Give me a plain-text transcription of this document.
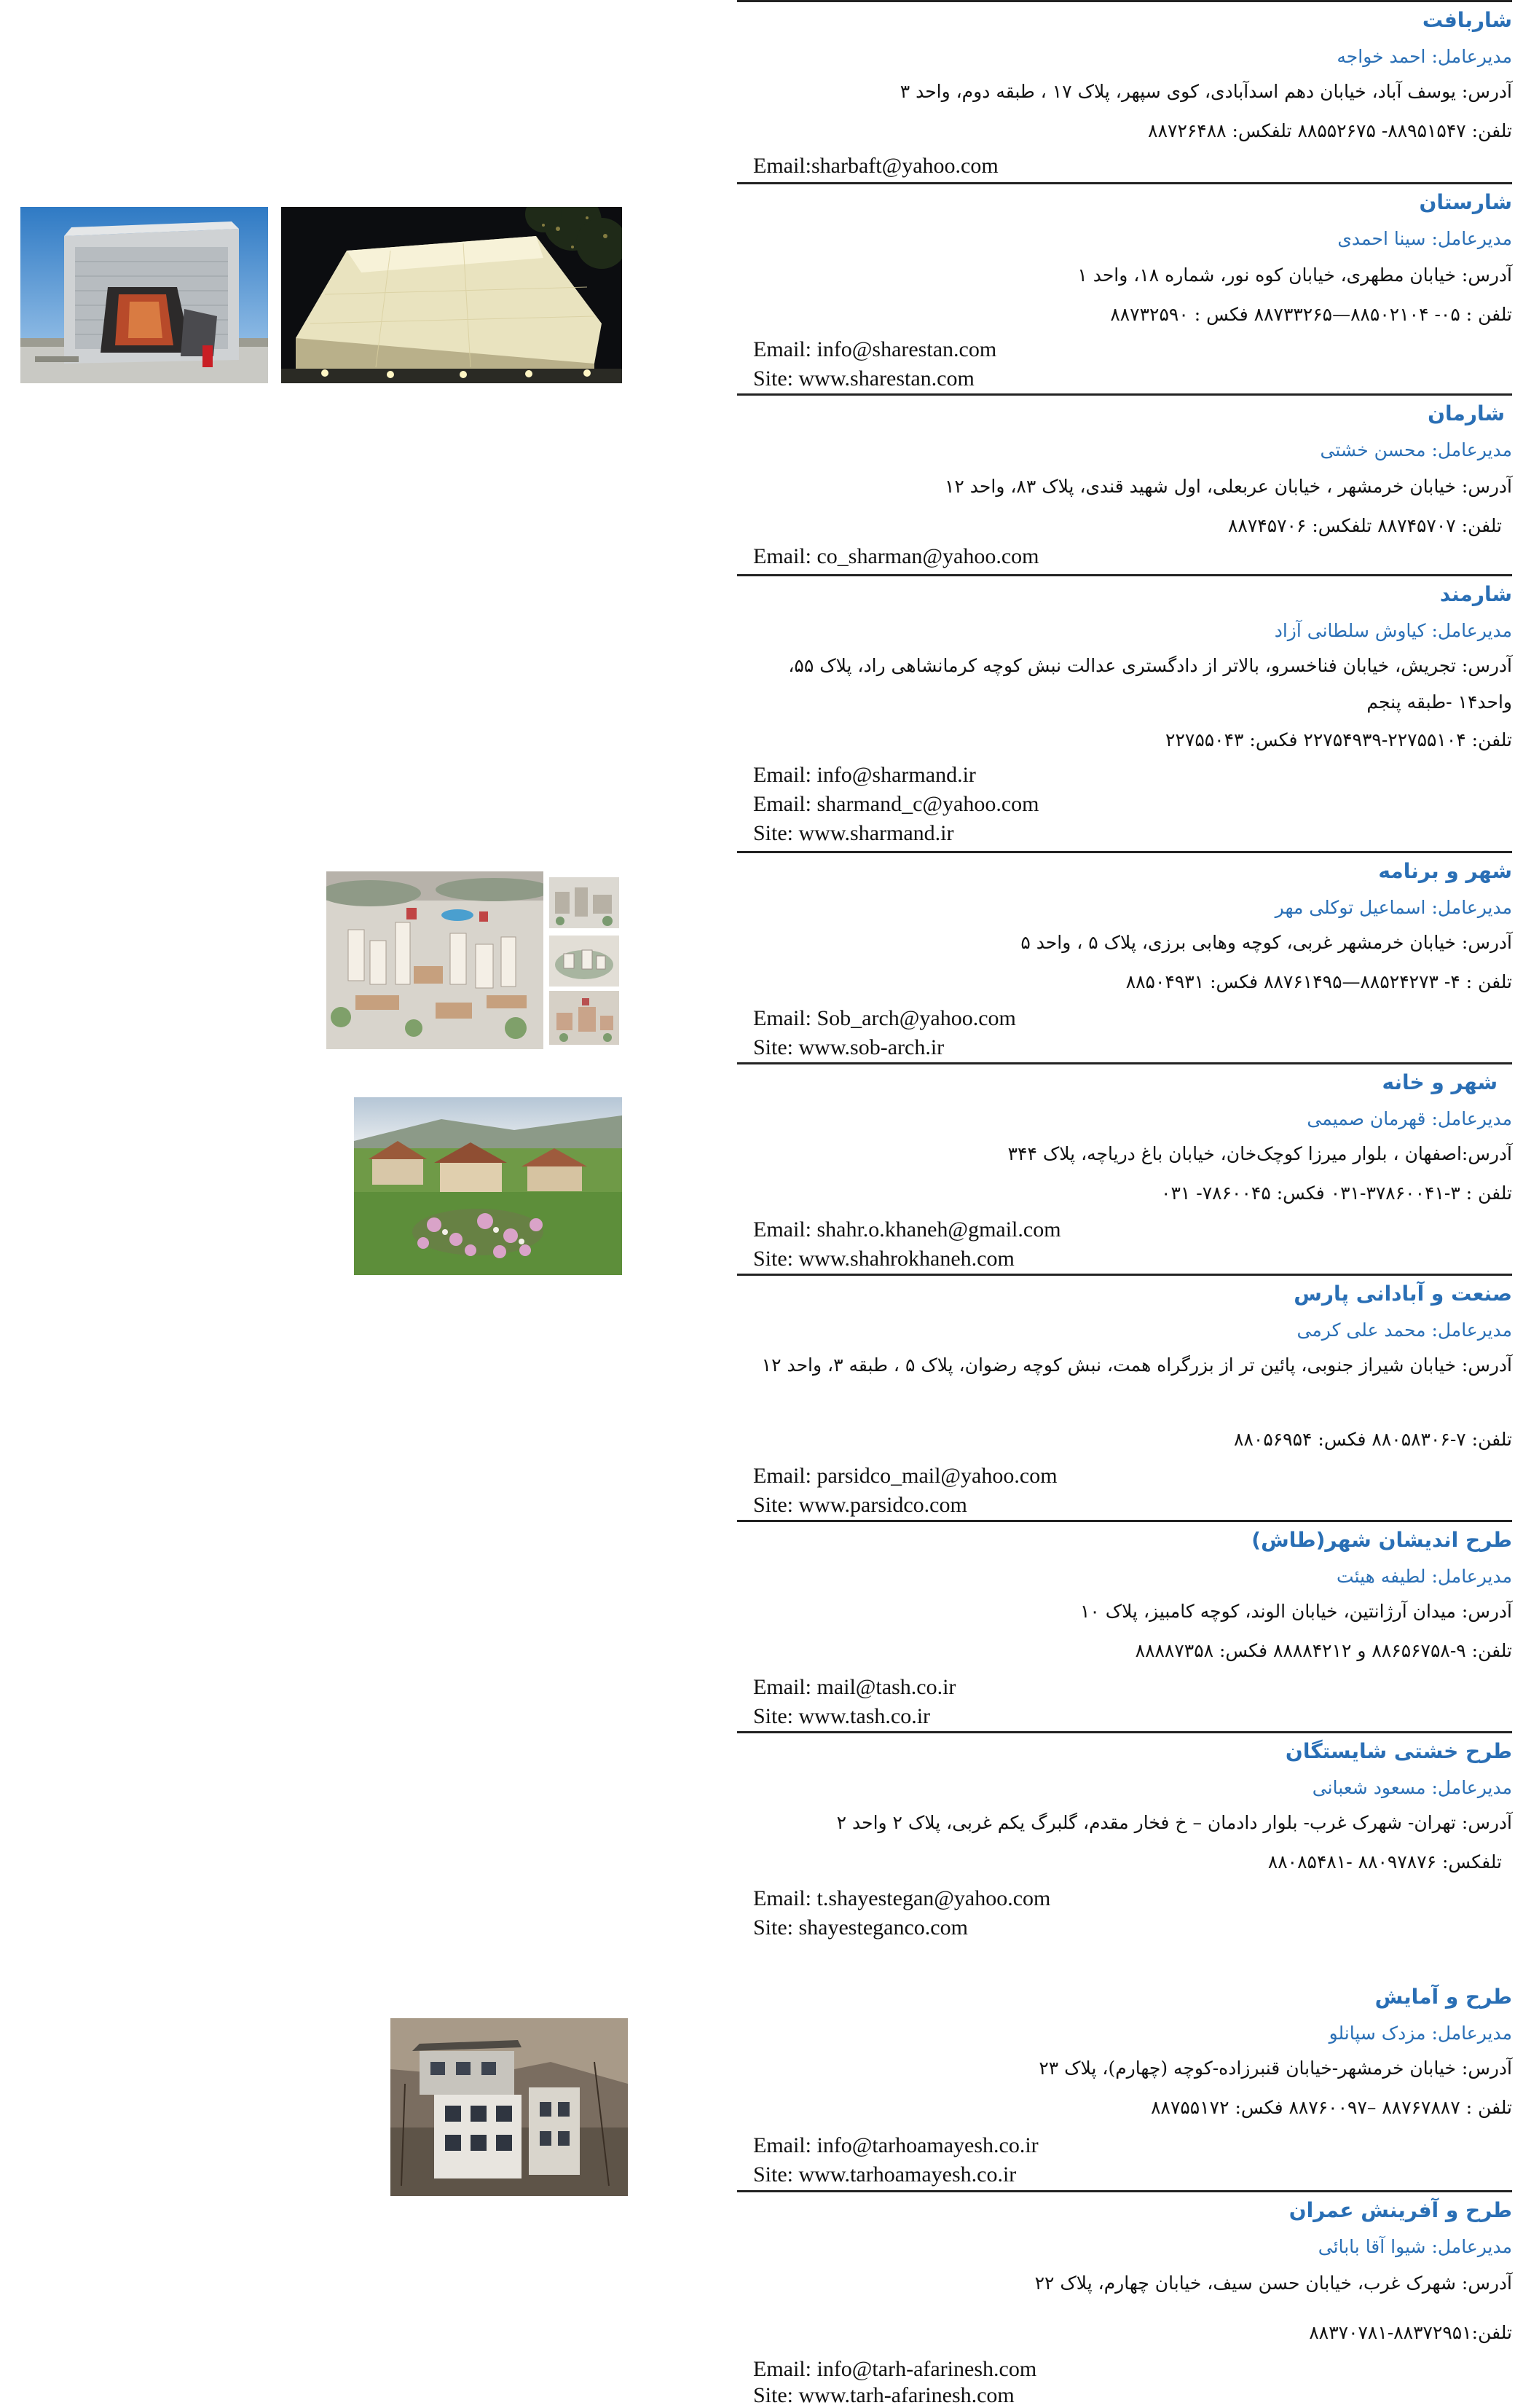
شاربافت
مدیرعامل: احمد خواجه
آدرس: یوسف آباد، خیابان دهم اسدآبادی، کوی سپهر، پلاک ۱۷ ، طبقه دوم، واحد ۳
تلفن: ۸۸۹۵۱۵۴۷- ۸۸۵۵۲۶۷۵ تلفکس: ۸۸۷۲۶۴۸۸
Email:sharbaft@yahoo.com
شارستان
مدیرعامل: سینا احمدی
آدرس: خیابان مطهری، خیابان کوه نور، شماره ۱۸، واحد ۱
تلفن : ۰۵- ۸۸۵۰۲۱۰۴—۸۸۷۳۳۲۶۵ فکس : ۸۸۷۳۲۵۹۰
Email: info@sharestan.com
Site: www.sharestan.com
شارمان
مدیرعامل: محسن خشتی
آدرس: خیابان خرمشهر ، خیابان عربعلی، اول شهید قندی، پلاک ۸۳، واحد ۱۲
تلفن: ۸۸۷۴۵۷۰۷ تلفکس: ۸۸۷۴۵۷۰۶
Email: co_sharman@yahoo.com
شارمند
مدیرعامل: کیاوش سلطانی آزاد
آدرس: تجریش، خیابان فناخسرو، بالاتر از دادگستری عدالت نبش کوچه کرمانشاهی راد، پلاک ۵۵، واحد۱۴ -طبقه پنجم
تلفن: ۲۲۷۵۵۱۰۴-۲۲۷۵۴۹۳۹ فکس: ۲۲۷۵۵۰۴۳
Email: info@sharmand.ir
Email: sharmand_c@yahoo.com
Site: www.sharmand.ir
شهر و برنامه
مدیرعامل: اسماعیل توکلی مهر
آدرس: خیابان خرمشهر غربی، کوچه وهابی برزی، پلاک ۵ ، واحد ۵
تلفن : ۴- ۸۸۵۲۴۲۷۳—۸۸۷۶۱۴۹۵ فکس: ۸۸۵۰۴۹۳۱
Email: Sob_arch@yahoo.com
Site: www.sob-arch.ir
شهر و خانه
مدیرعامل: قهرمان صمیمی
آدرس:اصفهان ، بلوار میرزا کوچک‌خان، خیابان باغ دریاچه، پلاک ۳۴۴
تلفن : ۳-۳۷۸۶۰۰۴۱-۰۳۱ فکس: ۷۸۶۰۰۴۵- ۰۳۱
Email: shahr.o.khaneh@gmail.com
Site: www.shahrokhaneh.com
صنعت و آبادانی پارس
مدیرعامل: محمد علی کرمی
آدرس: خیابان شیراز جنوبی، پائین تر از بزرگراه همت، نبش کوچه رضوان، پلاک ۵ ، طبقه ۳، واحد ۱۲
تلفن: ۷-۸۸۰۵۸۳۰۶ فکس: ۸۸۰۵۶۹۵۴
Email: parsidco_mail@yahoo.com
Site: www.parsidco.com
طرح اندیشان شهر(طاش)
مدیرعامل: لطیفه هیئت
آدرس: میدان آرژانتین، خیابان الوند، کوچه کامبیز، پلاک ۱۰
تلفن: ۹-۸۸۶۵۶۷۵۸ و ۸۸۸۸۴۲۱۲ فکس: ۸۸۸۸۷۳۵۸
Email: mail@tash.co.ir
Site: www.tash.co.ir
طرح خشتی شایستگان
مدیرعامل: مسعود شعبانی
آدرس: تهران- شهرک غرب- بلوار دادمان – خ فخار مقدم، گلبرگ یکم غربی، پلاک ۲ واحد ۲
تلفکس: ۸۸۰۹۷۸۷۶ -۸۸۰۸۵۴۸۱
Email: t.shayestegan@yahoo.com
Site: shayesteganco.com
طرح و آمایش
مدیرعامل: مزدک سپانلو
آدرس: خیابان خرمشهر-خیابان قنبرزاده-کوچه (چهارم)، پلاک ۲۳
تلفن : ۸۸۷۶۷۸۸۷ –۸۸۷۶۰۰۹۷ فکس: ۸۸۷۵۵۱۷۲
Email: info@tarhoamayesh.co.ir
Site: www.tarhoamayesh.co.ir
طرح و آفرینش عمران
مدیرعامل: شیوا آقا بابائی
آدرس: شهرک غرب، خیابان حسن سیف، خیابان چهارم، پلاک ۲۲
تلفن:۸۸۳۷۲۹۵۱-۸۸۳۷۰۷۸۱
Email: info@tarh-afarinesh.com
Site: www.tarh-afarinesh.com
